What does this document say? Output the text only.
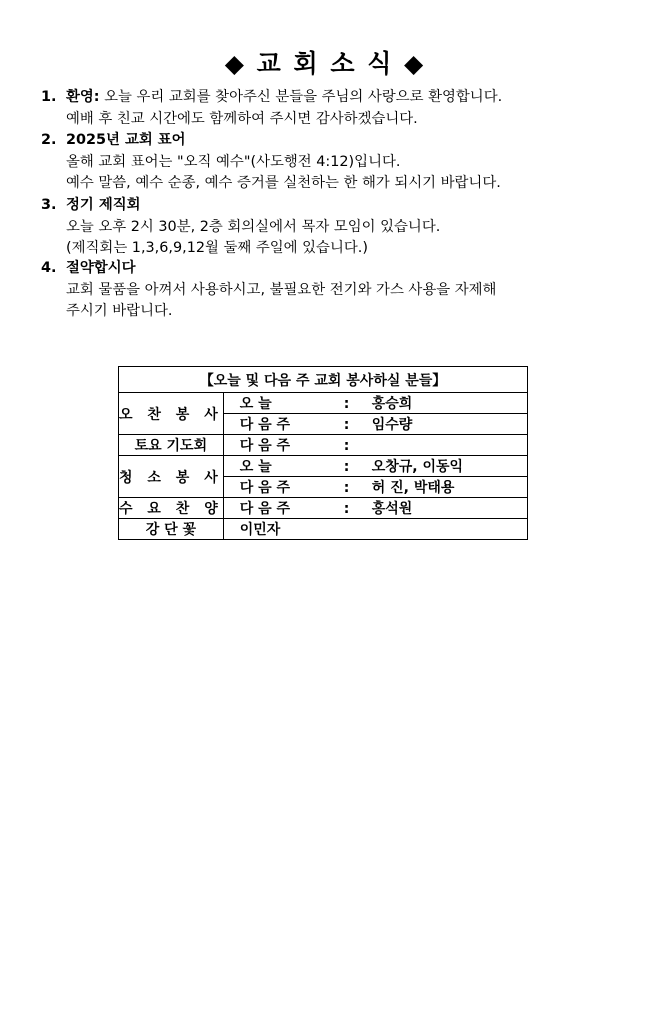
◆ 교 회 소 식 ◆
1. 환영: 오늘 우리 교회를 찾아주신 분들을 주님의 사랑으로 환영합니다.
예배 후 친교 시간에도 함께하여 주시면 감사하겠습니다.
2. 2025년 교회 표어
올해 교회 표어는 "오직 예수"(사도행전 4:12)입니다.
예수 말씀, 예수 순종, 예수 증거를 실천하는 한 해가 되시기 바랍니다.
3. 정기 제직회
오늘 오후 2시 30분, 2층 회의실에서 목자 모임이 있습니다.
(제직회는 1,3,6,9,12월 둘째 주일에 있습니다.)
4. 절약합시다
교회 물품을 아껴서 사용하시고, 불필요한 전기와 가스 사용을 자제해
주시기 바랍니다.
【오늘 및 다음 주 교회 봉사하실 분들】	
오 찬 봉 사	오 늘 : 홍승희
	다 음 주 : 임수량
토요 기도회	다 음 주 :
청 소 봉 사	오 늘 : 오창규, 이동익
	다 음 주 : 허 진, 박태용
수 요 찬 양	다 음 주 : 홍석원
강 단 꽃	이민자
